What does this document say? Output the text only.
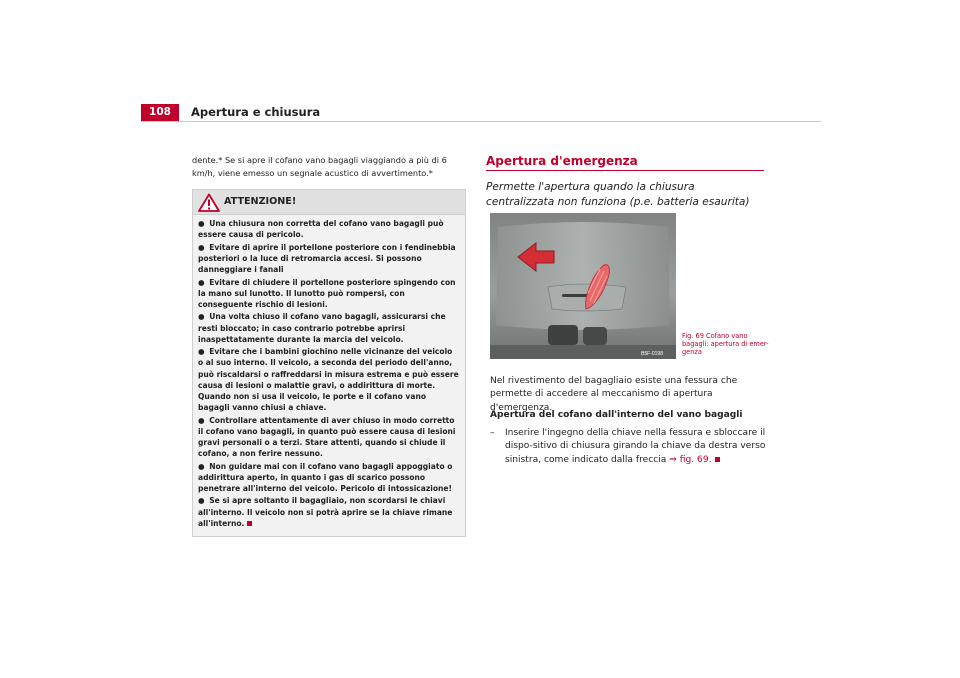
108	Apertura e chiusura

dente.* Se si apre il cofano vano bagagli viaggiando a più di 6 km/h, viene emesso un segnale acustico di avvertimento.*

ATTENZIONE!
● Una chiusura non corretta del cofano vano bagagli può essere causa di pericolo.
● Evitare di aprire il portellone posteriore con i fendinebbia posteriori o la luce di retromarcia accesi. Si possono danneggiare i fanali
● Evitare di chiudere il portellone posteriore spingendo con la mano sul lunotto. Il lunotto può rompersi, con conseguente rischio di lesioni.
● Una volta chiuso il cofano vano bagagli, assicurarsi che resti bloccato; in caso contrario potrebbe aprirsi inaspettatamente durante la marcia del veicolo.
● Evitare che i bambini giochino nelle vicinanze del veicolo o al suo interno. Il veicolo, a seconda del periodo dell'anno, può riscaldarsi o raffreddarsi in misura estrema e può essere causa di lesioni o malattie gravi, o addirittura di morte. Quando non si usa il veicolo, le porte e il cofano vano bagagli vanno chiusi a chiave.
● Controllare attentamente di aver chiuso in modo corretto il cofano vano bagagli, in quanto può essere causa di lesioni gravi personali o a terzi. Stare attenti, quando si chiude il cofano, a non ferire nessuno.
● Non guidare mai con il cofano vano bagagli appoggiato o addirittura aperto, in quanto i gas di scarico possono penetrare all'interno del veicolo. Pericolo di intossicazione!
● Se si apre soltanto il bagagliaio, non scordarsi le chiavi all'interno. Il veicolo non si potrà aprire se la chiave rimane all'interno.
Apertura d'emergenza

Permette l'apertura quando la chiusura centralizzata non funziona (p.e. batteria esaurita)

B5F-0198
Fig. 69 Cofano vano bagagli: apertura di emer-genza

Nel rivestimento del bagagliaio esiste una fessura che permette di accedere al meccanismo di apertura d'emergenza.

Apertura del cofano dall'interno del vano bagagli

–	Inserire l'ingegno della chiave nella fessura e sbloccare il dispo-sitivo di chiusura girando la chiave da destra verso sinistra, come indicato dalla freccia ⇒ fig. 69.
